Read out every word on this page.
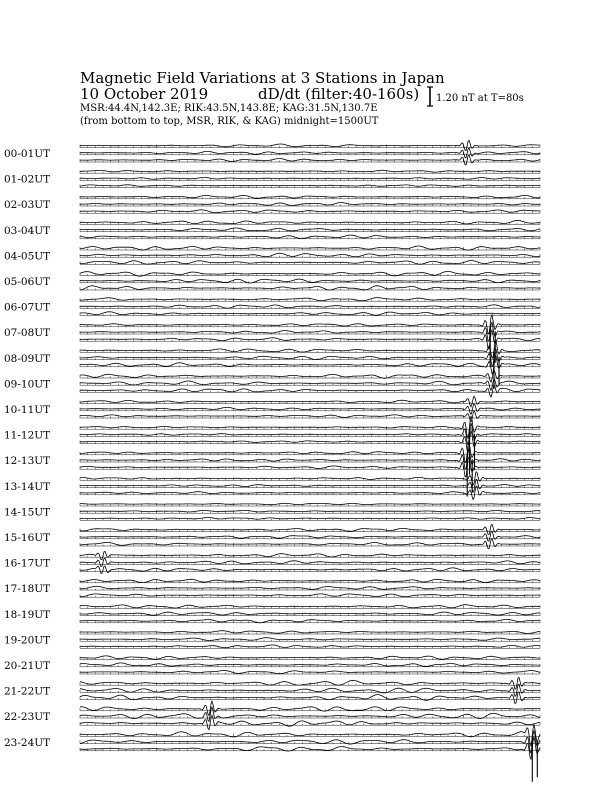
Magnetic Field Variations at 3 Stations in Japan
10 October 2019	dD/dt (filter:40-160s)
MSR:44.4N,142.3E; RIK:43.5N,143.8E; KAG:31.5N,130.7E
(from bottom to top, MSR, RIK, & KAG) midnight=1500UT
1.20 nT at T=80s
00-01UT
01-02UT
02-03UT
03-04UT
04-05UT
05-06UT
06-07UT
07-08UT
08-09UT
09-10UT
10-11UT
11-12UT
12-13UT
13-14UT
14-15UT
15-16UT
16-17UT
17-18UT
18-19UT
19-20UT
20-21UT
21-22UT
22-23UT
23-24UT
